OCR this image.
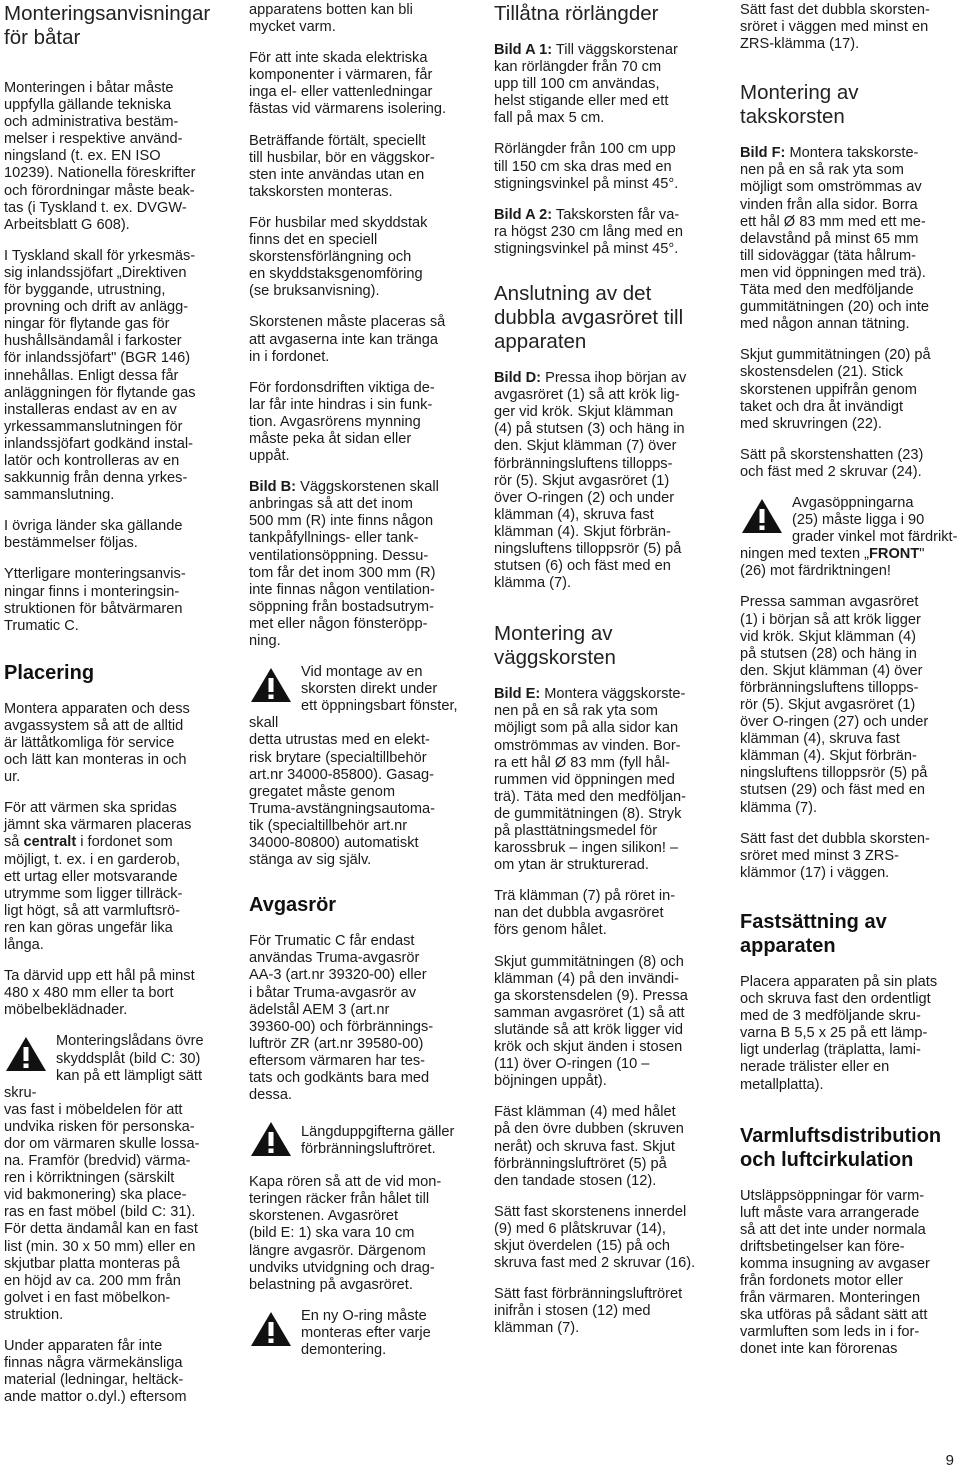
Monteringsanvisningar
för båtar

Monteringen i båtar måste
uppfylla gällande tekniska
och administrativa bestäm-
melser i respektive använd-
ningsland (t. ex. EN ISO
10239). Nationella föreskrifter
och förordningar måste beak-
tas (i Tyskland t. ex. DVGW-
Arbeitsblatt G 608).

I Tyskland skall för yrkesmäs-
sig inlandssjöfart „Direktiven
för byggande, utrustning,
provning och drift av anlägg-
ningar för flytande gas för
hushållsändamål i farkoster
för inlandssjöfart" (BGR 146)
innehållas. Enligt dessa får
anläggningen för flytande gas
installeras endast av en av
yrkessammanslutningen för
inlandssjöfart godkänd instal-
latör och kontrolleras av en
sakkunnig från denna yrkes-
sammanslutning.

I övriga länder ska gällande
bestämmelser följas.

Ytterligare monteringsanvis-
ningar finns i monteringsin-
struktionen för båtvärmaren
Trumatic C.

Placering

Montera apparaten och dess
avgassystem så att de alltid
är lättåtkomliga för service
och lätt kan monteras in och
ur.

För att värmen ska spridas
jämnt ska värmaren placeras
så centralt i fordonet som
möjligt, t. ex. i en garderob,
ett urtag eller motsvarande
utrymme som ligger tillräck-
ligt högt, så att varmluftsrö-
ren kan göras ungefär lika
långa.

Ta därvid upp ett hål på minst
480 x 480 mm eller ta bort
möbelbeklädnader.

Monteringslådans övre
skyddsplåt (bild C: 30)
kan på ett lämpligt sätt skru-
vas fast i möbeldelen för att
undvika risken för personska-
dor om värmaren skulle lossa-
na. Framför (bredvid) värma-
ren i körriktningen (särskilt
vid bakmonering) ska place-
ras en fast möbel (bild C: 31).
För detta ändamål kan en fast
list (min. 30 x 50 mm) eller en
skjutbar platta monteras på
en höjd av ca. 200 mm från
golvet i en fast möbelkon-
struktion.

Under apparaten får inte
finnas några värmekänsliga
material (ledningar, heltäck-
ande mattor o.dyl.) eftersom

apparatens botten kan bli
mycket varm.

För att inte skada elektriska
komponenter i värmaren, får
inga el- eller vattenledningar
fästas vid värmarens isolering.

Beträffande förtält, speciellt
till husbilar, bör en väggskor-
sten inte användas utan en
takskorsten monteras.

För husbilar med skyddstak
finns det en speciell
skorstensförlängning och
en skyddstaksgenomföring
(se bruksanvisning).

Skorstenen måste placeras så
att avgaserna inte kan tränga
in i fordonet.

För fordonsdriften viktiga de-
lar får inte hindras i sin funk-
tion. Avgasrörens mynning
måste peka åt sidan eller
uppåt.

Bild B: Väggskorstenen skall
anbringas så att det inom
500 mm (R) inte finns någon
tankpåfyllnings- eller tank-
ventilationsöppning. Dessu-
tom får det inom 300 mm (R)
inte finnas någon ventilation-
söppning från bostadsutrym-
met eller någon fönsteröpp-
ning.

Vid montage av en
skorsten direkt under
ett öppningsbart fönster, skall
detta utrustas med en elekt-
risk brytare (specialtillbehör
art.nr 34000-85800). Gasag-
gregatet måste genom
Truma-avstängningsautoma-
tik (specialtillbehör art.nr
34000-80800) automatiskt
stänga av sig själv.

Avgasrör

För Trumatic C får endast
användas Truma-avgasrör
AA-3 (art.nr 39320-00) eller
i båtar Truma-avgasrör av
ädelstål AEM 3 (art.nr
39360-00) och förbrännings-
luftrör ZR (art.nr 39580-00)
eftersom värmaren har tes-
tats och godkänts bara med
dessa.

Längduppgifterna gäller
förbränningsluftröret.

Kapa rören så att de vid mon-
teringen räcker från hålet till
skorstenen. Avgasröret
(bild E: 1) ska vara 10 cm
längre avgasrör. Därgenom
undviks utvidgning och drag-
belastning på avgasröret.

En ny O-ring måste
monteras efter varje
demontering.

Tillåtna rörlängder

Bild A 1: Till väggskorstenar
kan rörlängder från 70 cm
upp till 100 cm användas,
helst stigande eller med ett
fall på max 5 cm.

Rörlängder från 100 cm upp
till 150 cm ska dras med en
stigningsvinkel på minst 45°.

Bild A 2: Takskorsten får va-
ra högst 230 cm lång med en
stigningsvinkel på minst 45°.

Anslutning av det
dubbla avgasröret till
apparaten

Bild D: Pressa ihop början av
avgasröret (1) så att krök lig-
ger vid krök. Skjut klämman
(4) på stutsen (3) och häng in
den. Skjut klämman (7) över
förbränningsluftens tillopps-
rör (5). Skjut avgasröret (1)
över O-ringen (2) och under
klämman (4), skruva fast
klämman (4). Skjut förbrän-
ningsluftens tilloppsrör (5) på
stutsen (6) och fäst med en
klämma (7).

Montering av
väggskorsten

Bild E: Montera väggskorste-
nen på en så rak yta som
möjligt som på alla sidor kan
omströmmas av vinden. Bor-
ra ett hål Ø 83 mm (fyll hål-
rummen vid öppningen med
trä). Täta med den medföljan-
de gummitätningen (8). Stryk
på plasttätningsmedel för
karossbruk – ingen silikon! –
om ytan är strukturerad.

Trä klämman (7) på röret in-
nan det dubbla avgasröret
förs genom hålet.

Skjut gummitätningen (8) och
klämman (4) på den invändi-
ga skorstensdelen (9). Pressa
samman avgasröret (1) så att
slutände så att krök ligger vid
krök och skjut änden i stosen
(11) över O-ringen (10 –
böjningen uppåt).

Fäst klämman (4) med hålet
på den övre dubben (skruven
neråt) och skruva fast. Skjut
förbränningsluftröret (5) på
den tandade stosen (12).

Sätt fast skorstenens innerdel
(9) med 6 plåtskruvar (14),
skjut överdelen (15) på och
skruva fast med 2 skruvar (16).

Sätt fast förbränningsluftröret
inifrån i stosen (12) med
klämman (7).

Sätt fast det dubbla skorsten-
sröret i väggen med minst en
ZRS-klämma (17).

Montering av
takskorsten

Bild F: Montera takskorste-
nen på en så rak yta som
möjligt som omströmmas av
vinden från alla sidor. Borra
ett hål Ø 83 mm med ett me-
delavstånd på minst 65 mm
till sidoväggar (täta hålrum-
men vid öppningen med trä).
Täta med den medföljande
gummitätningen (20) och inte
med någon annan tätning.

Skjut gummitätningen (20) på
skostensdelen (21). Stick
skorstenen uppifrån genom
taket och dra åt invändigt
med skruvringen (22).

Sätt på skorstenshatten (23)
och fäst med 2 skruvar (24).

Avgasöppningarna
(25) måste ligga i 90
grader vinkel mot färdrikt-
ningen med texten „FRONT"
(26) mot färdriktningen!

Pressa samman avgasröret
(1) i början så att krök ligger
vid krök. Skjut klämman (4)
på stutsen (28) och häng in
den. Skjut klämman (4) över
förbränningsluftens tillopps-
rör (5). Skjut avgasröret (1)
över O-ringen (27) och under
klämman (4), skruva fast
klämman (4). Skjut förbrän-
ningsluftens tilloppsrör (5) på
stutsen (29) och fäst med en
klämma (7).

Sätt fast det dubbla skorsten-
sröret med minst 3 ZRS-
klämmor (17) i väggen.

Fastsättning av
apparaten

Placera apparaten på sin plats
och skruva fast den ordentligt
med de 3 medföljande skru-
varna B 5,5 x 25 på ett lämp-
ligt underlag (träplatta, lami-
nerade trälister eller en
metallplatta).

Varmluftsdistribution
och luftcirkulation

Utsläppsöppningar för varm-
luft måste vara arrangerade
så att det inte under normala
driftsbetingelser kan före-
komma insugning av avgaser
från fordonets motor eller
från värmaren. Monteringen
ska utföras på sådant sätt att
varmluften som leds in i for-
donet inte kan förorenas

9
